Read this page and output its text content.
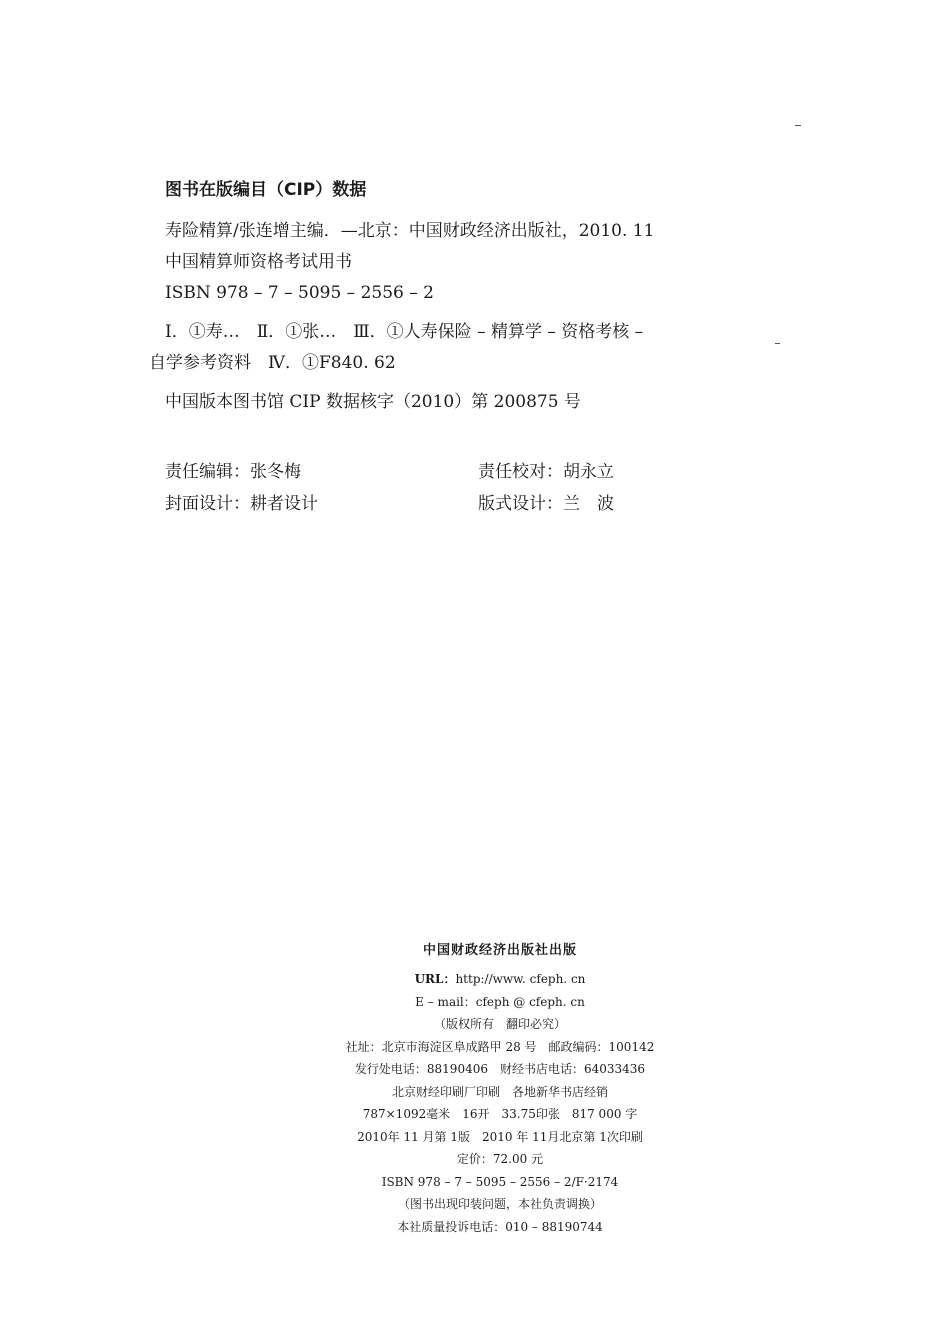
图书在版编目（CIP）数据
寿险精算/张连增主编．—北京：中国财政经济出版社，2010. 11
中国精算师资格考试用书
ISBN 978 – 7 – 5095 – 2556 – 2
Ⅰ．①寿…　Ⅱ．①张…　Ⅲ．①人寿保险 – 精算学 – 资格考核 –
自学参考资料　Ⅳ．①F840. 62
中国版本图书馆 CIP 数据核字（2010）第 200875 号
责任编辑：张冬梅	责任校对：胡永立
封面设计：耕者设计	版式设计：兰　波
中国财政经济出版社出版
URL：http://www. cfeph. cn
E – mail：cfeph @ cfeph. cn
（版权所有　翻印必究）
社址：北京市海淀区阜成路甲 28 号　邮政编码：100142
发行处电话：88190406　财经书店电话：64033436
北京财经印刷厂印刷　各地新华书店经销
787×1092毫米　16开　33.75印张　817 000 字
2010年 11 月第 1版　2010 年 11月北京第 1次印刷
定价：72.00 元
ISBN 978 – 7 – 5095 – 2556 – 2/F·2174
（图书出现印装问题，本社负责调换）
本社质量投诉电话：010 – 88190744
